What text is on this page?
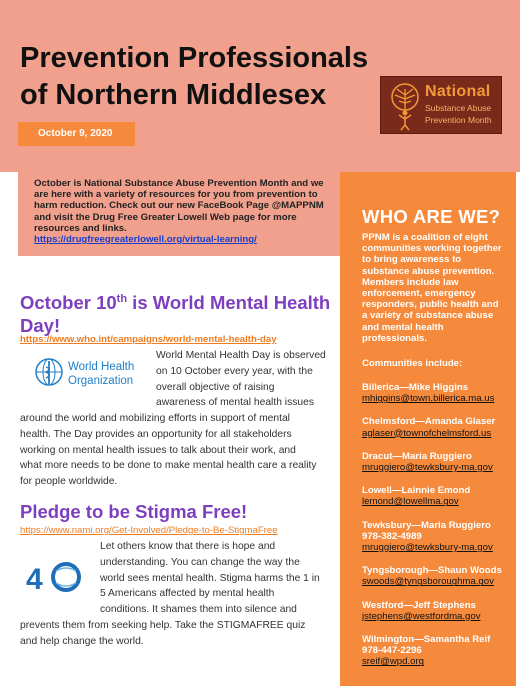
Prevention Professionals
of Northern Middlesex	National
Substance Abuse
Prevention Month
October 9, 2020
October is National Substance Abuse Prevention Month and we are here with a variety of resources for you from prevention to harm reduction. Check out our new FaceBook Page @MAPPNM and visit the Drug Free Greater Lowell Web page for more resources and links.
https://drugfreegreaterlowell.org/virtual-learning/
WHO ARE WE?
PPNM is a coalition of eight communities working together to bring awareness to substance abuse prevention. Members include law enforcement, emergency responders, public health and a variety of substance abuse and mental health professionals.
Communities include:
Billerica—Mike Higgins
mhiggins@town.billerica.ma.us
Chelmsford—Amanda Glaser
aglaser@townofchelmsford.us
Dracut—Maria Ruggiero
mruggiero@tewksbury-ma.gov
Lowell—Lainnie Emond
lemond@lowellma.gov
Tewksbury—Maria Ruggiero
978-382-4989
mruggiero@tewksbury-ma.gov
Tyngsborough—Shaun Woods
swoods@tyngsboroughma.gov
Westford—Jeff Stephens
jstephens@westfordma.gov
Wilmington—Samantha Reif
978-447-2296
sreif@wpd.org
October 10th is World Mental Health
Day!
https://www.who.int/campaigns/world-mental-health-day
World Health
Organization
World Mental Health Day is observed
on 10 October every year, with the
overall objective of raising
awareness of mental health issues
around the world and mobilizing efforts in support of mental
health. The Day provides an opportunity for all stakeholders
working on mental health issues to talk about their work, and
what more needs to be done to make mental health care a reality
for people worldwide.
Pledge to be Stigma Free!
https://www.nami.org/Get-Involved/Pledge-to-Be-StigmaFree
4
Let others know that there is hope and
understanding. You can change the way the
world sees mental health. Stigma harms the 1 in
5 Americans affected by mental health
conditions. It shames them into silence and
prevents them from seeking help. Take the STIGMAFREE quiz
and help change the world.
